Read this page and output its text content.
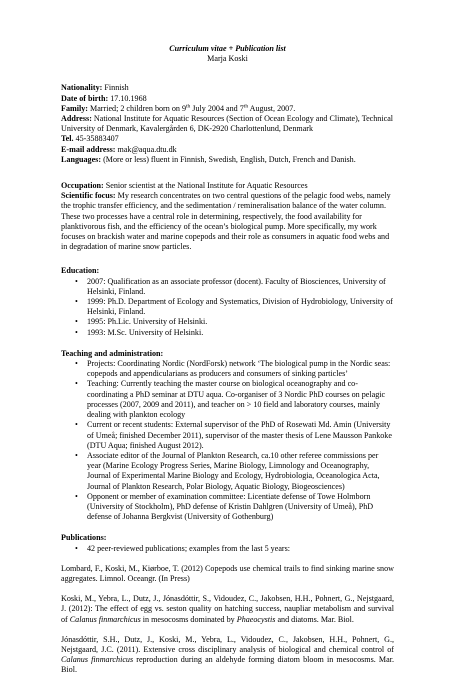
Curriculum vitae + Publication list
Marja Koski

Nationality: Finnish

Date of birth: 17.10.1968

Family: Married; 2 children born on 9th July 2004 and 7th August, 2007.

Address: National Institute for Aquatic Resources (Section of Ocean Ecology and Climate), Technical University of Denmark, Kavalergården 6, DK-2920 Charlottenlund, Denmark

Tel. 45-35883407

E-mail address: mak@aqua.dtu.dk

Languages: (More or less) fluent in Finnish, Swedish, English, Dutch, French and Danish.

Occupation: Senior scientist at the National Institute for Aquatic Resources

Scientific focus: My research concentrates on two central questions of the pelagic food webs, namely the trophic transfer efficiency, and the sedimentation / remineralisation balance of the water column. These two processes have a central role in determining, respectively, the food availability for planktivorous fish, and the efficiency of the ocean’s biological pump. More specifically, my work focuses on brackish water and marine copepods and their role as consumers in aquatic food webs and in degradation of marine snow particles.

Education:
• 2007: Qualification as an associate professor (docent). Faculty of Biosciences, University of Helsinki, Finland.
• 1999: Ph.D. Department of Ecology and Systematics, Division of Hydrobiology, University of Helsinki, Finland.
• 1995: Ph.Lic. University of Helsinki.
• 1993: M.Sc. University of Helsinki.
Teaching and administration:
• Projects: Coordinating Nordic (NordForsk) network ‘The biological pump in the Nordic seas: copepods and appendicularians as producers and consumers of sinking particles’
• Teaching: Currently teaching the master course on biological oceanography and co-coordinating a PhD seminar at DTU aqua. Co-organiser of 3 Nordic PhD courses on pelagic processes (2007, 2009 and 2011), and teacher on > 10 field and laboratory courses, mainly dealing with plankton ecology
• Current or recent students: External supervisor of the PhD of Rosewati Md. Amin (University of Umeå; finished December 2011), supervisor of the master thesis of Lene Mausson Pankoke (DTU Aqua; finished August 2012).
• Associate editor of the Journal of Plankton Research, ca.10 other referee commissions per year (Marine Ecology Progress Series, Marine Biology, Limnology and Oceanography, Journal of Experimental Marine Biology and Ecology, Hydrobiologia, Oceanologica Acta, Journal of Plankton Research, Polar Biology, Aquatic Biology, Biogeosciences)
• Opponent or member of examination committee: Licentiate defense of Towe Holmborn (University of Stockholm), PhD defense of Kristin Dahlgren (University of Umeå), PhD defense of Johanna Bergkvist (University of Gothenburg)
Publications:
• 42 peer-reviewed publications; examples from the last 5 years:

Lombard, F., Koski, M., Kiørboe, T. (2012) Copepods use chemical trails to find sinking marine snow aggregates. Limnol. Oceangr. (In Press)

Koski, M., Yebra, L., Dutz, J., Jónasdóttir, S., Vidoudez, C., Jakobsen, H.H., Pohnert, G., Nejstgaard, J. (2012): The effect of egg vs. seston quality on hatching success, naupliar metabolism and survival of Calanus finmarchicus in mesocosms dominated by Phaeocystis and diatoms. Mar. Biol.

Jónasdóttir, S.H., Dutz, J., Koski, M., Yebra, L., Vidoudez, C., Jakobsen, H.H., Pohnert, G., Nejstgaard, J.C. (2011). Extensive cross disciplinary analysis of biological and chemical control of Calanus finmarchicus reproduction during an aldehyde forming diatom bloom in mesocosms. Mar. Biol.
